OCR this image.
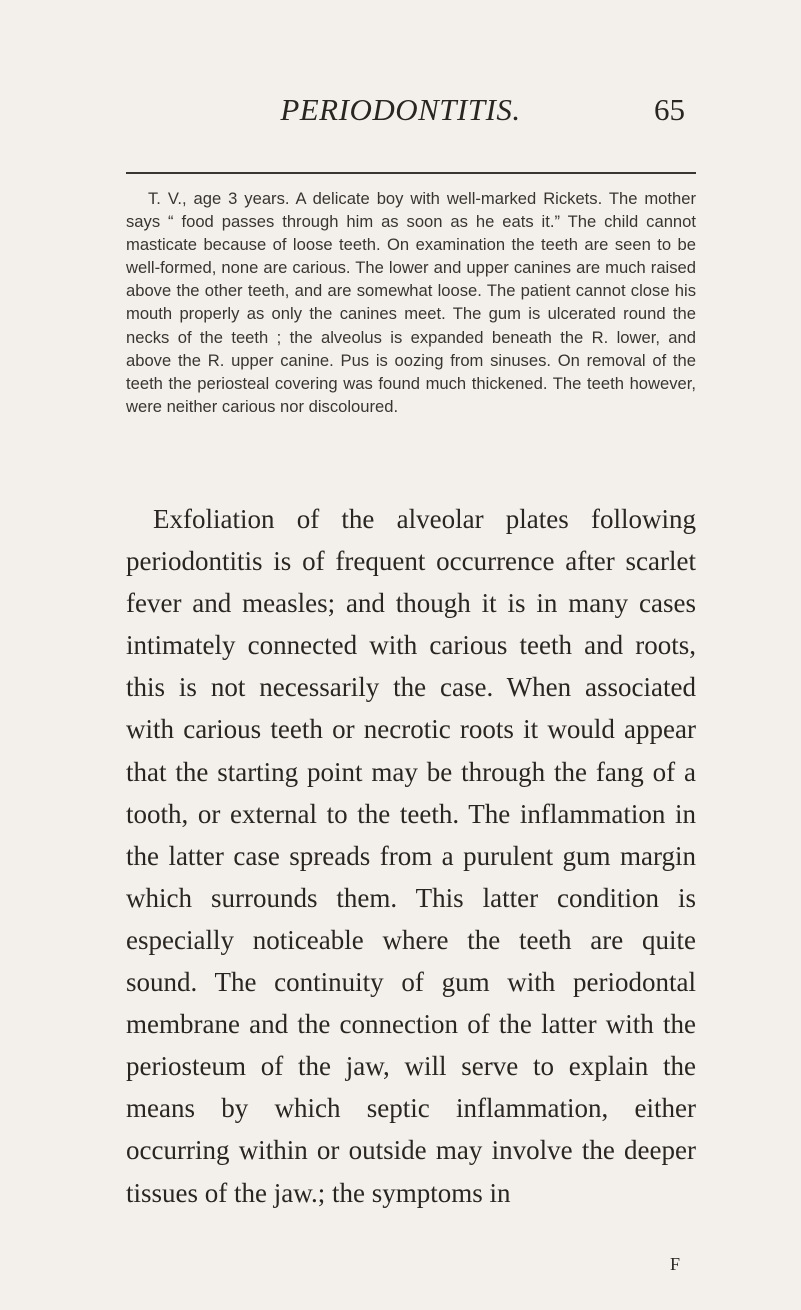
PERIODONTITIS.	65

T. V., age 3 years. A delicate boy with well-marked Rickets. The mother says “ food passes through him as soon as he eats it.” The child cannot masticate because of loose teeth. On examination the teeth are seen to be well-formed, none are carious. The lower and upper canines are much raised above the other teeth, and are somewhat loose. The patient cannot close his mouth properly as only the canines meet. The gum is ulcerated round the necks of the teeth ; the alveolus is expanded beneath the R. lower, and above the R. upper canine. Pus is oozing from sinuses. On removal of the teeth the periosteal covering was found much thickened. The teeth however, were neither carious nor discoloured.

Exfoliation of the alveolar plates following periodontitis is of frequent occurrence after scarlet fever and measles; and though it is in many cases intimately connected with carious teeth and roots, this is not necessarily the case. When associated with carious teeth or necrotic roots it would appear that the starting point may be through the fang of a tooth, or external to the teeth. The inflammation in the latter case spreads from a purulent gum margin which surrounds them. This latter condition is especially noticeable where the teeth are quite sound. The continuity of gum with periodontal membrane and the connection of the latter with the periosteum of the jaw, will serve to explain the means by which septic inflammation, either occurring within or outside may involve the deeper tissues of the jaw.; the symptoms in

F
